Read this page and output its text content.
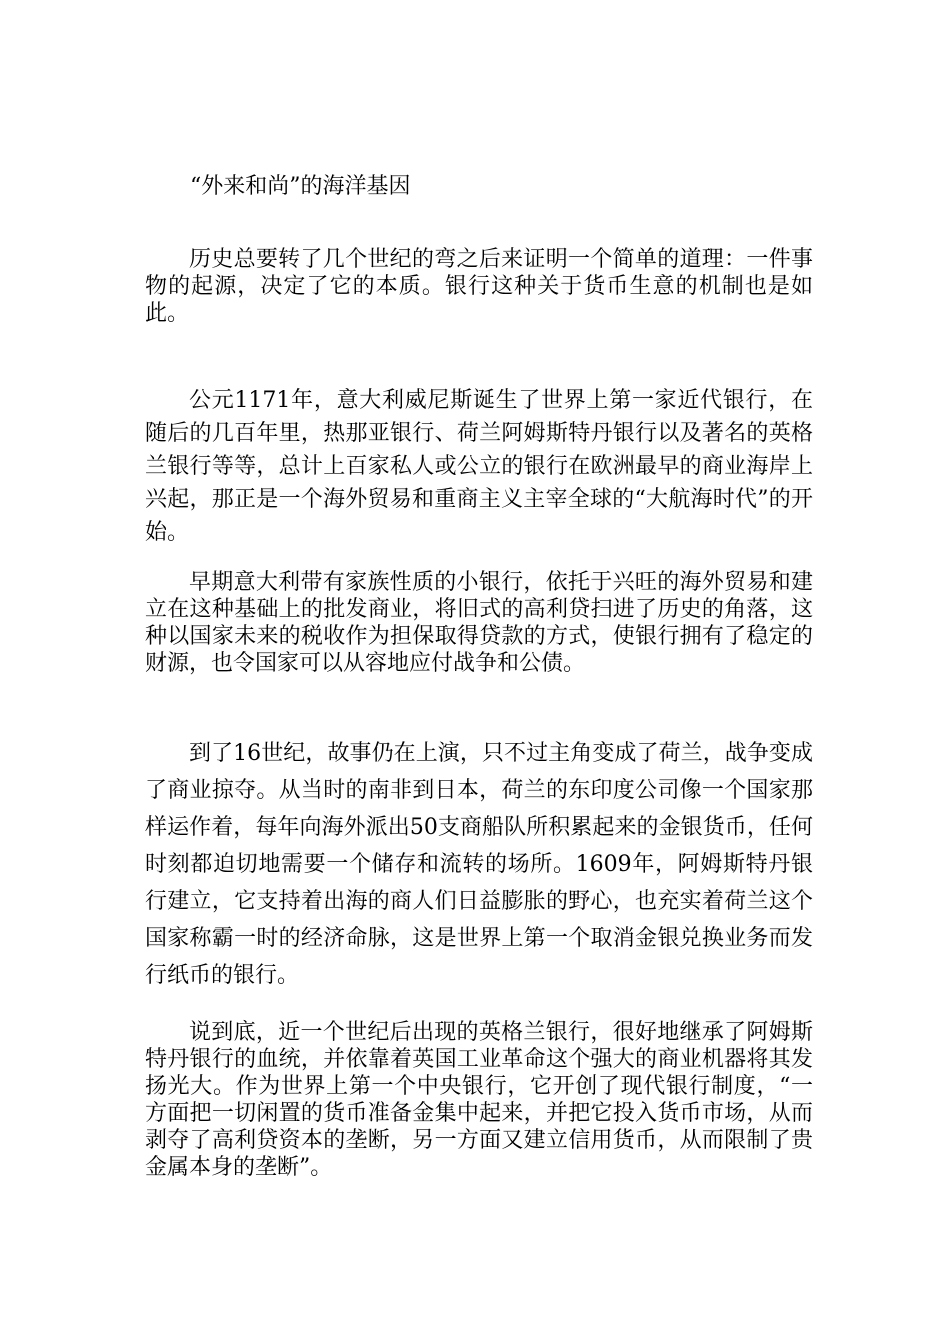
“外来和尚”的海洋基因

历史总要转了几个世纪的弯之后来证明一个简单的道理：一件事物的起源，决定了它的本质。银行这种关于货币生意的机制也是如此。

公元1171年，意大利威尼斯诞生了世界上第一家近代银行，在随后的几百年里，热那亚银行、荷兰阿姆斯特丹银行以及著名的英格兰银行等等，总计上百家私人或公立的银行在欧洲最早的商业海岸上兴起，那正是一个海外贸易和重商主义主宰全球的“大航海时代”的开始。

早期意大利带有家族性质的小银行，依托于兴旺的海外贸易和建立在这种基础上的批发商业，将旧式的高利贷扫进了历史的角落，这种以国家未来的税收作为担保取得贷款的方式，使银行拥有了稳定的财源，也令国家可以从容地应付战争和公债。

到了16世纪，故事仍在上演，只不过主角变成了荷兰，战争变成了商业掠夺。从当时的南非到日本，荷兰的东印度公司像一个国家那样运作着，每年向海外派出50支商船队所积累起来的金银货币，任何时刻都迫切地需要一个储存和流转的场所。1609年，阿姆斯特丹银行建立，它支持着出海的商人们日益膨胀的野心，也充实着荷兰这个国家称霸一时的经济命脉，这是世界上第一个取消金银兑换业务而发行纸币的银行。

说到底，近一个世纪后出现的英格兰银行，很好地继承了阿姆斯特丹银行的血统，并依靠着英国工业革命这个强大的商业机器将其发扬光大。作为世界上第一个中央银行，它开创了现代银行制度，“一方面把一切闲置的货币准备金集中起来，并把它投入货币市场，从而剥夺了高利贷资本的垄断，另一方面又建立信用货币，从而限制了贵金属本身的垄断”。
